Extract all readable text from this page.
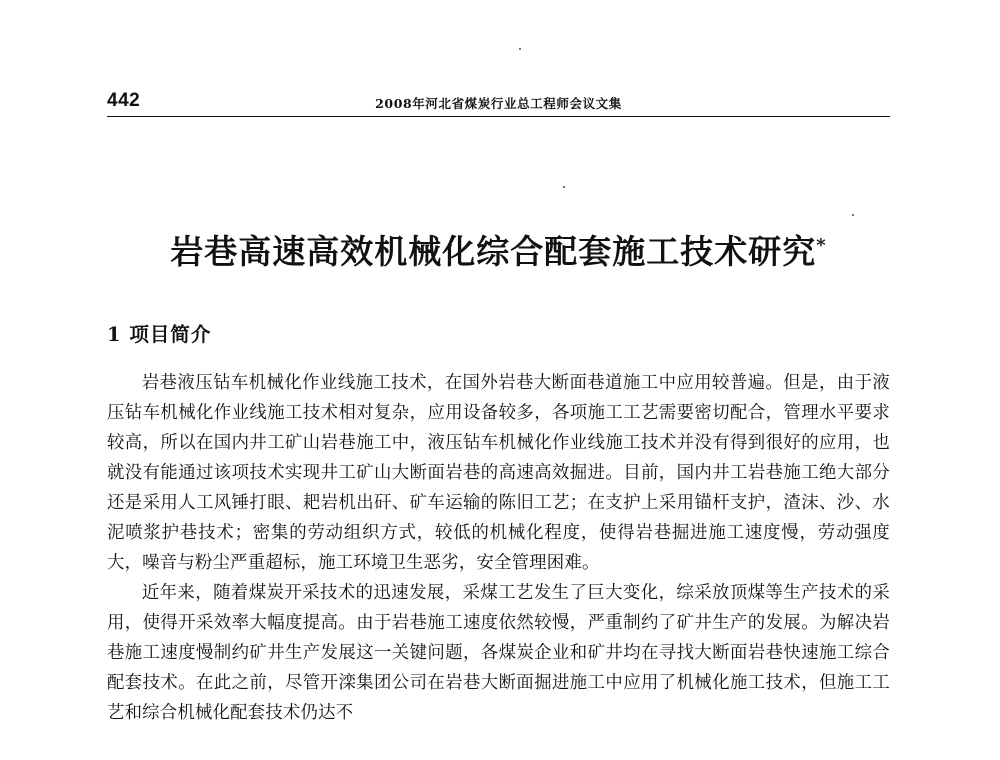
442	2008年河北省煤炭行业总工程师会议文集
岩巷高速高效机械化综合配套施工技术研究*
1 项目简介

岩巷液压钻车机械化作业线施工技术，在国外岩巷大断面巷道施工中应用较普遍。但是，由于液压钻车机械化作业线施工技术相对复杂，应用设备较多，各项施工工艺需要密切配合，管理水平要求较高，所以在国内井工矿山岩巷施工中，液压钻车机械化作业线施工技术并没有得到很好的应用，也就没有能通过该项技术实现井工矿山大断面岩巷的高速高效掘进。目前，国内井工岩巷施工绝大部分还是采用人工风锤打眼、耙岩机出矸、矿车运输的陈旧工艺；在支护上采用锚杆支护，渣沫、沙、水泥喷浆护巷技术；密集的劳动组织方式，较低的机械化程度，使得岩巷掘进施工速度慢，劳动强度大，噪音与粉尘严重超标，施工环境卫生恶劣，安全管理困难。

近年来，随着煤炭开采技术的迅速发展，采煤工艺发生了巨大变化，综采放顶煤等生产技术的采用，使得开采效率大幅度提高。由于岩巷施工速度依然较慢，严重制约了矿井生产的发展。为解决岩巷施工速度慢制约矿井生产发展这一关键问题，各煤炭企业和矿井均在寻找大断面岩巷快速施工综合配套技术。在此之前，尽管开滦集团公司在岩巷大断面掘进施工中应用了机械化施工技术，但施工工艺和综合机械化配套技术仍达不
